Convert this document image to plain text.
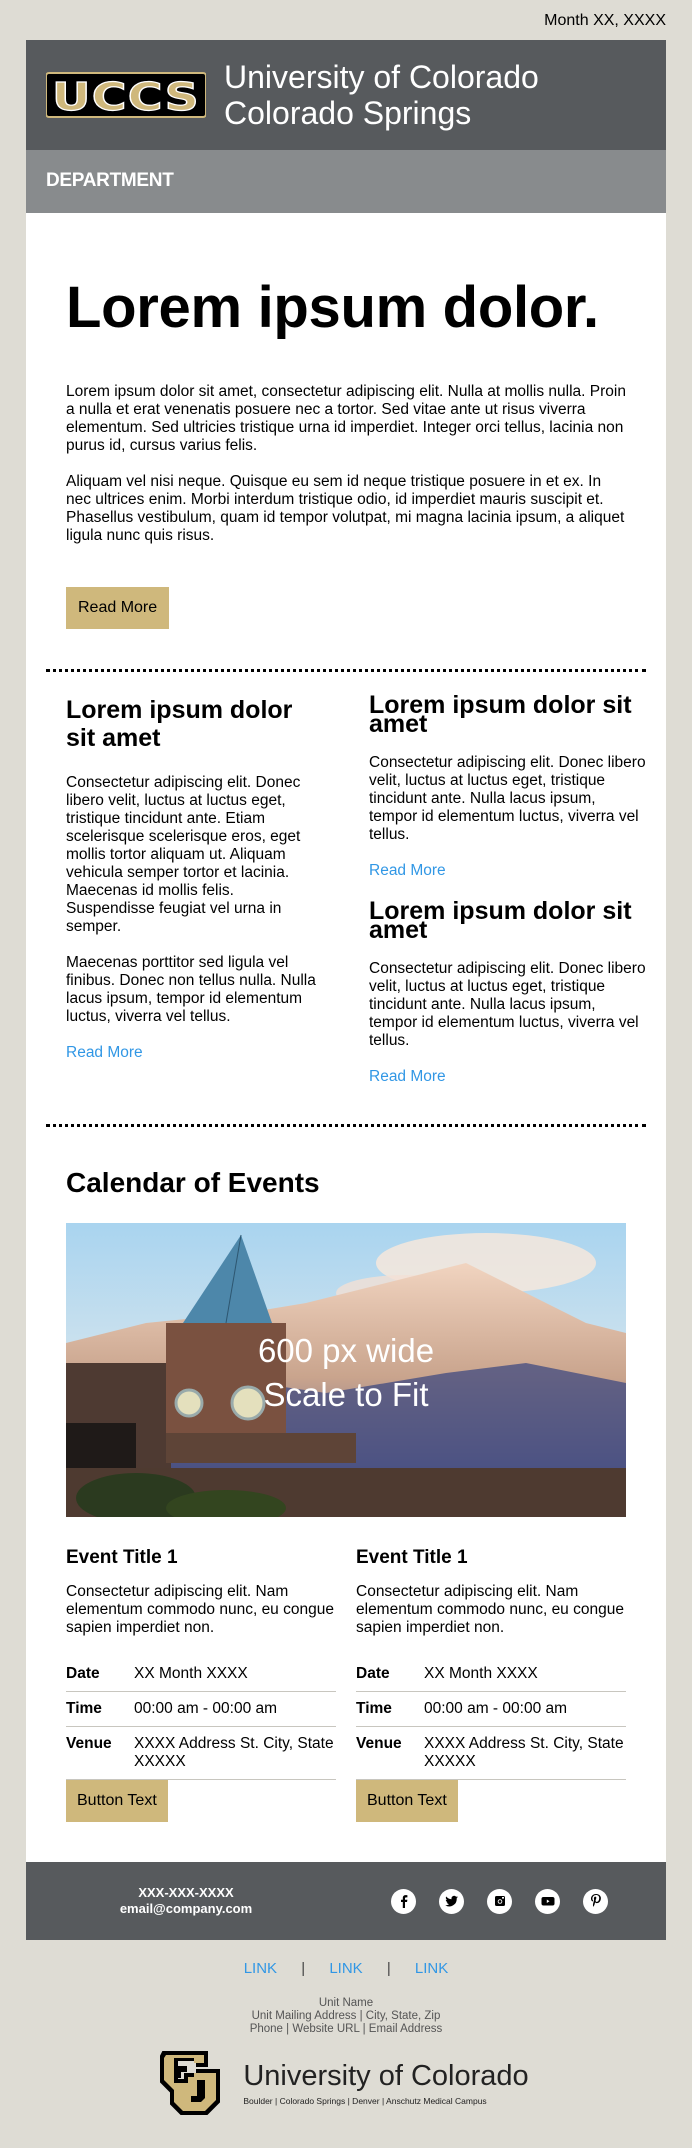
Month XX, XXXX
UCCS University of Colorado
Colorado Springs
DEPARTMENT
Lorem ipsum dolor.

Lorem ipsum dolor sit amet, consectetur adipiscing elit. Nulla at mollis nulla. Proin a nulla et erat venenatis posuere nec a tortor. Sed vitae ante ut risus viverra elementum. Sed ultricies tristique urna id imperdiet. Integer orci tellus, lacinia non purus id, cursus varius felis.

Aliquam vel nisi neque. Quisque eu sem id neque tristique posuere in et ex. In nec ultrices enim. Morbi interdum tristique odio, id imperdiet mauris suscipit et. Phasellus vestibulum, quam id tempor volutpat, mi magna lacinia ipsum, a aliquet ligula nunc quis risus.

Read More
Lorem ipsum dolor sit amet

Consectetur adipiscing elit. Donec libero velit, luctus at luctus eget, tristique tincidunt ante. Etiam scelerisque scelerisque eros, eget mollis tortor aliquam ut. Aliquam vehicula semper tortor et lacinia. Maecenas id mollis felis. Suspendisse feugiat vel urna in semper.

Maecenas porttitor sed ligula vel finibus. Donec non tellus nulla. Nulla lacus ipsum, tempor id elementum luctus, viverra vel tellus.

Read More
Lorem ipsum dolor sit amet

Consectetur adipiscing elit. Donec libero velit, luctus at luctus eget, tristique tincidunt ante. Nulla lacus ipsum, tempor id elementum luctus, viverra vel tellus.

Read More
Lorem ipsum dolor sit amet

Consectetur adipiscing elit. Donec libero velit, luctus at luctus eget, tristique tincidunt ante. Nulla lacus ipsum, tempor id elementum luctus, viverra vel tellus.

Read More
Calendar of Events
600 px wide
Scale to Fit
Event Title 1

Consectetur adipiscing elit. Nam elementum commodo nunc, eu congue sapien imperdiet non.

Date	XX Month XXXX
Time	00:00 am - 00:00 am
Venue	XXXX Address St. City, State XXXXX
Button Text
Event Title 1

Consectetur adipiscing elit. Nam elementum commodo nunc, eu congue sapien imperdiet non.

Date	XX Month XXXX
Time	00:00 am - 00:00 am
Venue	XXXX Address St. City, State XXXXX
Button Text
XXX-XXX-XXXX
email@company.com
LINK | LINK | LINK
Unit Name
Unit Mailing Address | City, State, Zip
Phone | Website URL | Email Address
University of Colorado
Boulder | Colorado Springs | Denver | Anschutz Medical Campus
